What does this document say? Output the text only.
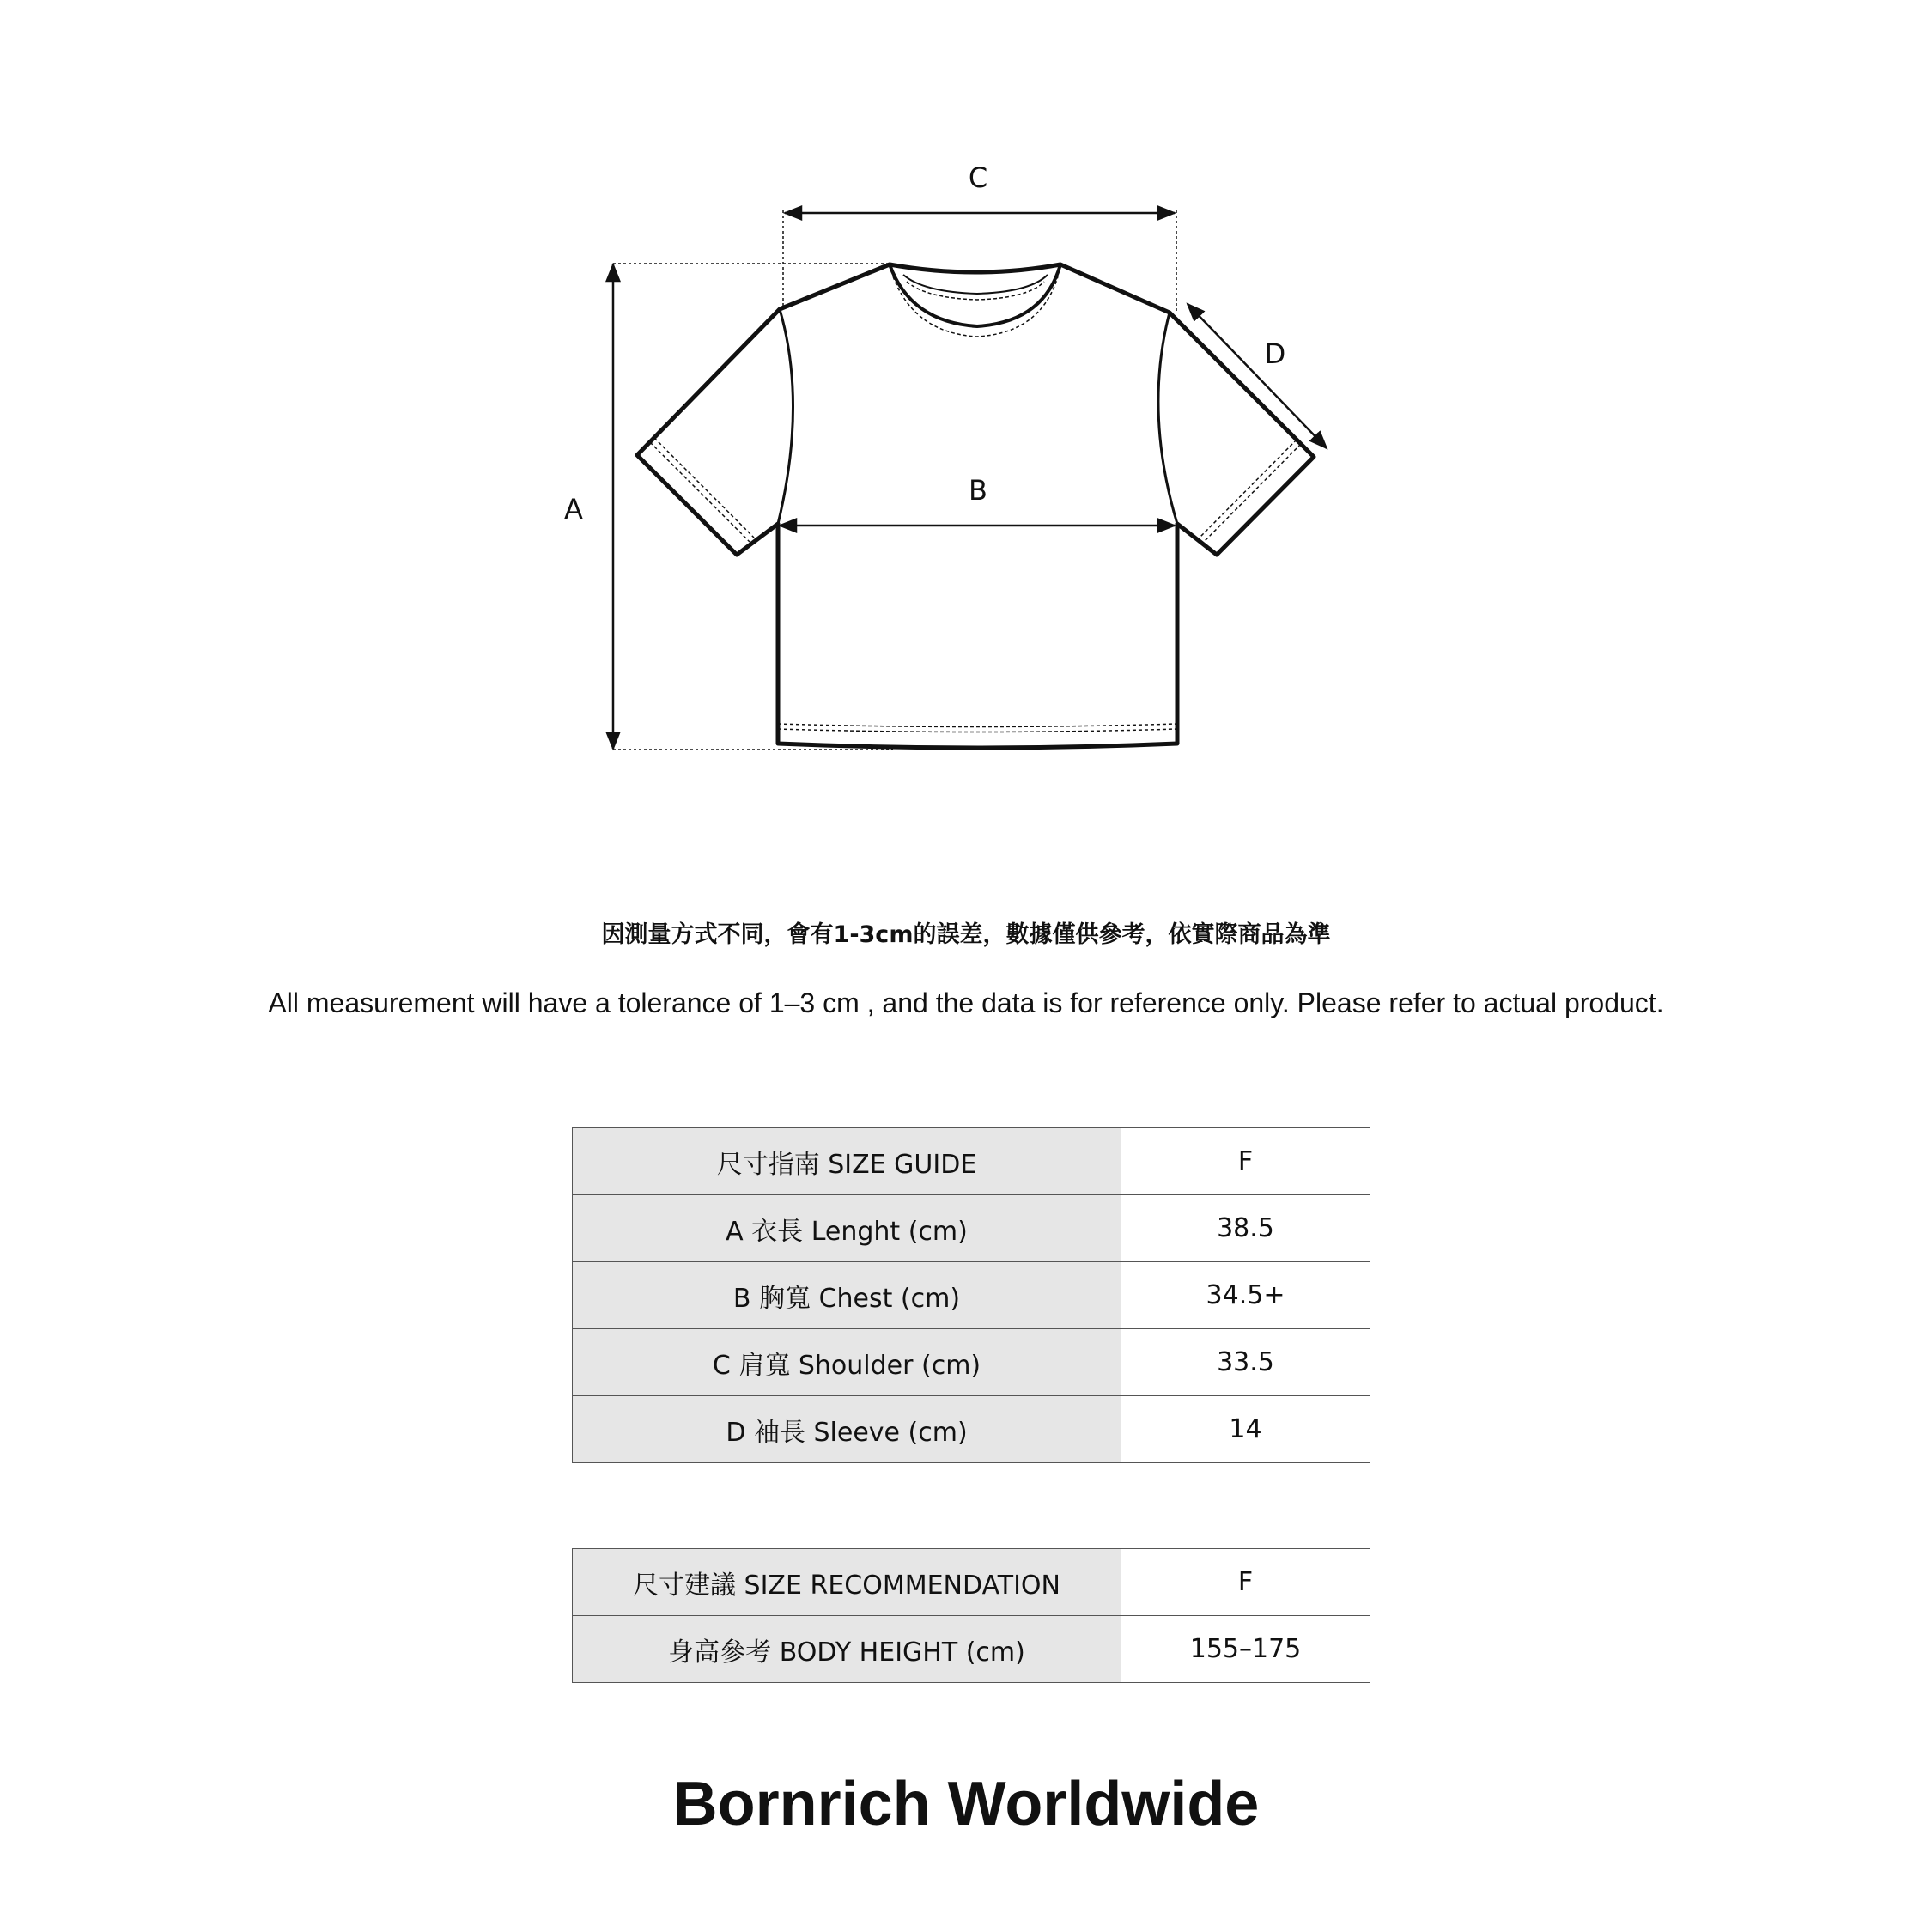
A
B
C
D
因測量方式不同，會有1-3cm的誤差，數據僅供參考，依實際商品為準
All measurement will have a tolerance of 1–3 cm , and the data is for reference only. Please refer to actual product.
尺寸指南 SIZE GUIDE	F
A 衣長 Lenght (cm)	38.5
B 胸寬 Chest (cm)	34.5+
C 肩寬 Shoulder (cm)	33.5
D 袖長 Sleeve (cm)	14
尺寸建議 SIZE RECOMMENDATION	F
身高參考 BODY HEIGHT (cm)	155–175
Bornrich Worldwide
